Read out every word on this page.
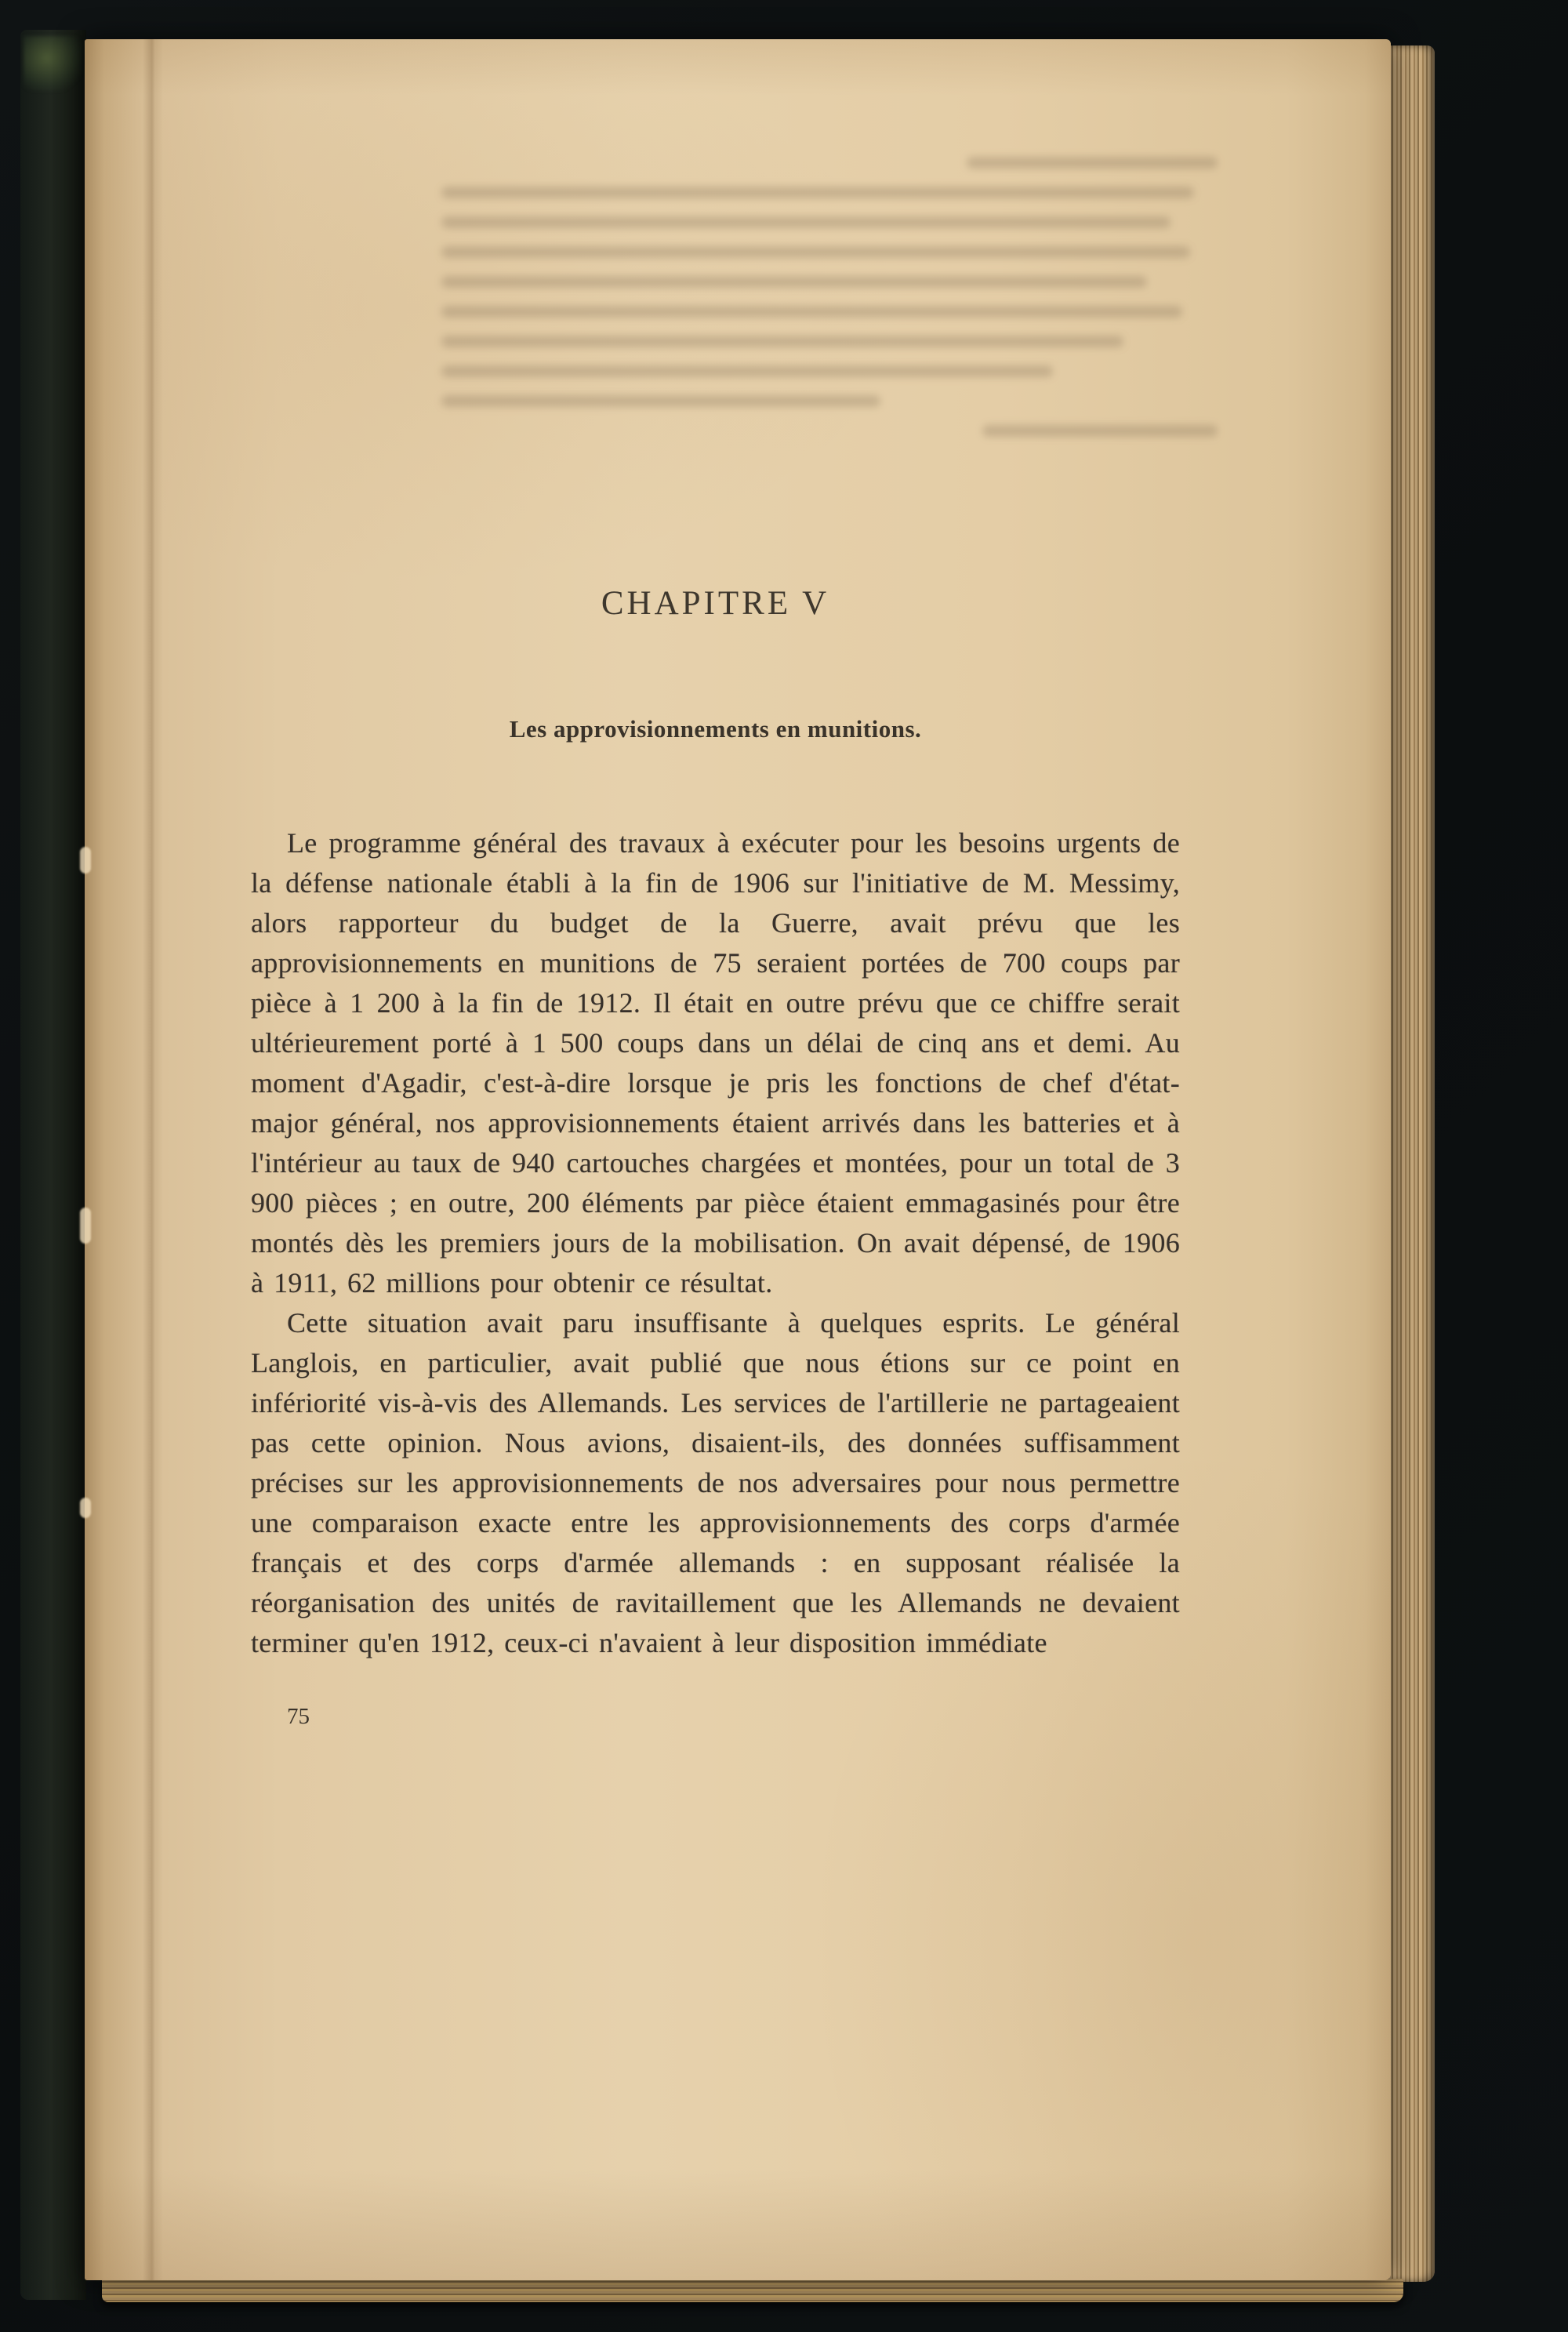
CHAPITRE V
Les approvisionnements en munitions.

Le programme général des travaux à exécuter pour les besoins urgents de la défense nationale établi à la fin de 1906 sur l'initiative de M. Messimy, alors rapporteur du budget de la Guerre, avait prévu que les approvisionnements en munitions de 75 seraient portées de 700 coups par pièce à 1 200 à la fin de 1912. Il était en outre prévu que ce chiffre serait ultérieurement porté à 1 500 coups dans un délai de cinq ans et demi. Au moment d'Agadir, c'est-à-dire lorsque je pris les fonctions de chef d'état-major général, nos approvisionnements étaient arrivés dans les batteries et à l'intérieur au taux de 940 cartouches chargées et montées, pour un total de 3 900 pièces ; en outre, 200 éléments par pièce étaient emmagasinés pour être montés dès les premiers jours de la mobilisation. On avait dépensé, de 1906 à 1911, 62 millions pour obtenir ce résultat.

Cette situation avait paru insuffisante à quelques esprits. Le général Langlois, en particulier, avait publié que nous étions sur ce point en infériorité vis-à-vis des Allemands. Les services de l'artillerie ne partageaient pas cette opinion. Nous avions, disaient-ils, des données suffisamment précises sur les approvisionnements de nos adversaires pour nous permettre une comparaison exacte entre les approvisionnements des corps d'armée français et des corps d'armée allemands : en supposant réalisée la réorganisation des unités de ravitaillement que les Allemands ne devaient terminer qu'en 1912, ceux-ci n'avaient à leur disposition immédiate

75
